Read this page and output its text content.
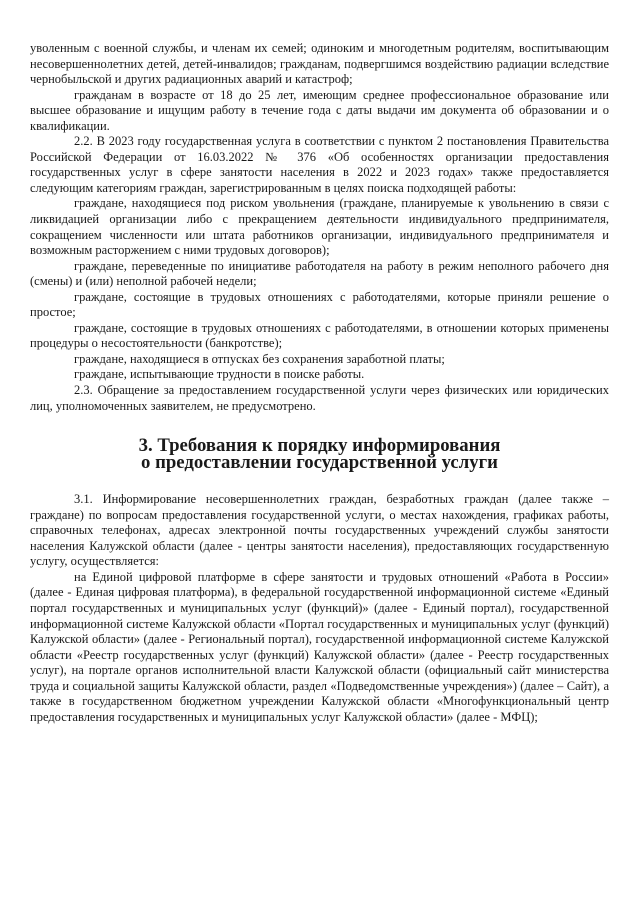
уволенным с военной службы, и членам их семей; одиноким и многодетным родителям, воспитывающим несовершеннолетних детей, детей-инвалидов; гражданам, подвергшимся воздействию радиации вследствие чернобыльской и других радиационных аварий и катастроф;

гражданам в возрасте от 18 до 25 лет, имеющим среднее профессиональное образование или высшее образование и ищущим работу в течение года с даты выдачи им документа об образовании и о квалификации.

2.2. В 2023 году государственная услуга в соответствии с пунктом 2 постановления Правительства Российской Федерации от 16.03.2022 № 376 «Об особенностях организации предоставления государственных услуг в сфере занятости населения в 2022 и 2023 годах» также предоставляется следующим категориям граждан, зарегистрированным в целях поиска подходящей работы:

граждане, находящиеся под риском увольнения (граждане, планируемые к увольнению в связи с ликвидацией организации либо с прекращением деятельности индивидуального предпринимателя, сокращением численности или штата работников организации, индивидуального предпринимателя и возможным расторжением с ними трудовых договоров);

граждане, переведенные по инициативе работодателя на работу в режим неполного рабочего дня (смены) и (или) неполной рабочей недели;

граждане, состоящие в трудовых отношениях с работодателями, которые приняли решение о простое;

граждане, состоящие в трудовых отношениях с работодателями, в отношении которых применены процедуры о несостоятельности (банкротстве);

граждане, находящиеся в отпусках без сохранения заработной платы;

граждане, испытывающие трудности в поиске работы.

2.3. Обращение за предоставлением государственной услуги через физических или юридических лиц, уполномоченных заявителем, не предусмотрено.

3. Требования к порядку информирования
о предоставлении государственной услуги

3.1. Информирование несовершеннолетних граждан, безработных граждан (далее также – граждане) по вопросам предоставления государственной услуги, о местах нахождения, графиках работы, справочных телефонах, адресах электронной почты государственных учреждений службы занятости населения Калужской области (далее - центры занятости населения), предоставляющих государственную услугу, осуществляется:

на Единой цифровой платформе в сфере занятости и трудовых отношений «Работа в России» (далее - Единая цифровая платформа), в федеральной государственной информационной системе «Единый портал государственных и муниципальных услуг (функций)» (далее - Единый портал), государственной информационной системе Калужской области «Портал государственных и муниципальных услуг (функций) Калужской области» (далее - Региональный портал), государственной информационной системе Калужской области «Реестр государственных услуг (функций) Калужской области» (далее - Реестр государственных услуг), на портале органов исполнительной власти Калужской области (официальный сайт министерства труда и социальной защиты Калужской области, раздел «Подведомственные учреждения») (далее – Сайт), а также в государственном бюджетном учреждении Калужской области «Многофункциональный центр предоставления государственных и муниципальных услуг Калужской области» (далее - МФЦ);
